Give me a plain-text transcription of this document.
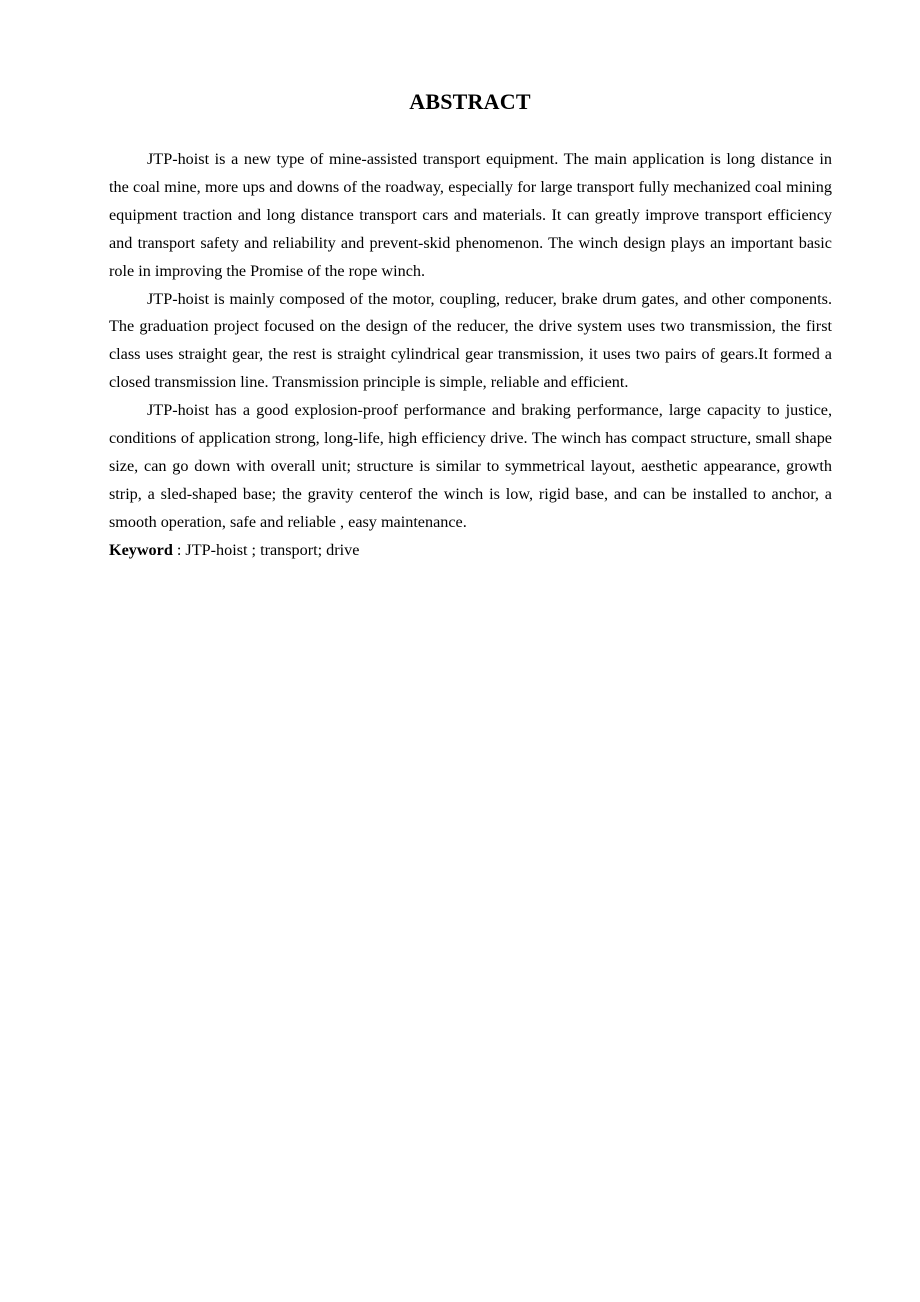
ABSTRACT

JTP-hoist is a new type of mine-assisted transport equipment. The main application is long distance in the coal mine, more ups and downs of the roadway, especially for large transport fully mechanized coal mining equipment traction and long distance transport cars and materials. It can greatly improve transport efficiency and transport safety and reliability and prevent-skid phenomenon. The winch design plays an important basic role in improving the Promise of the rope winch.

JTP-hoist is mainly composed of the motor, coupling, reducer, brake drum gates, and other components. The graduation project focused on the design of the reducer, the drive system uses two transmission, the first class uses straight gear, the rest is straight cylindrical gear transmission, it uses two pairs of gears.It formed a closed transmission line. Transmission principle is simple, reliable and efficient.

JTP-hoist has a good explosion-proof performance and braking performance, large capacity to justice, conditions of application strong, long-life, high efficiency drive. The winch has compact structure, small shape size, can go down with overall unit; structure is similar to symmetrical layout, aesthetic appearance, growth strip, a sled-shaped base; the gravity centerof the winch is low, rigid base, and can be installed to anchor, a smooth operation, safe and reliable , easy maintenance.

Keyword : JTP-hoist ; transport; drive
